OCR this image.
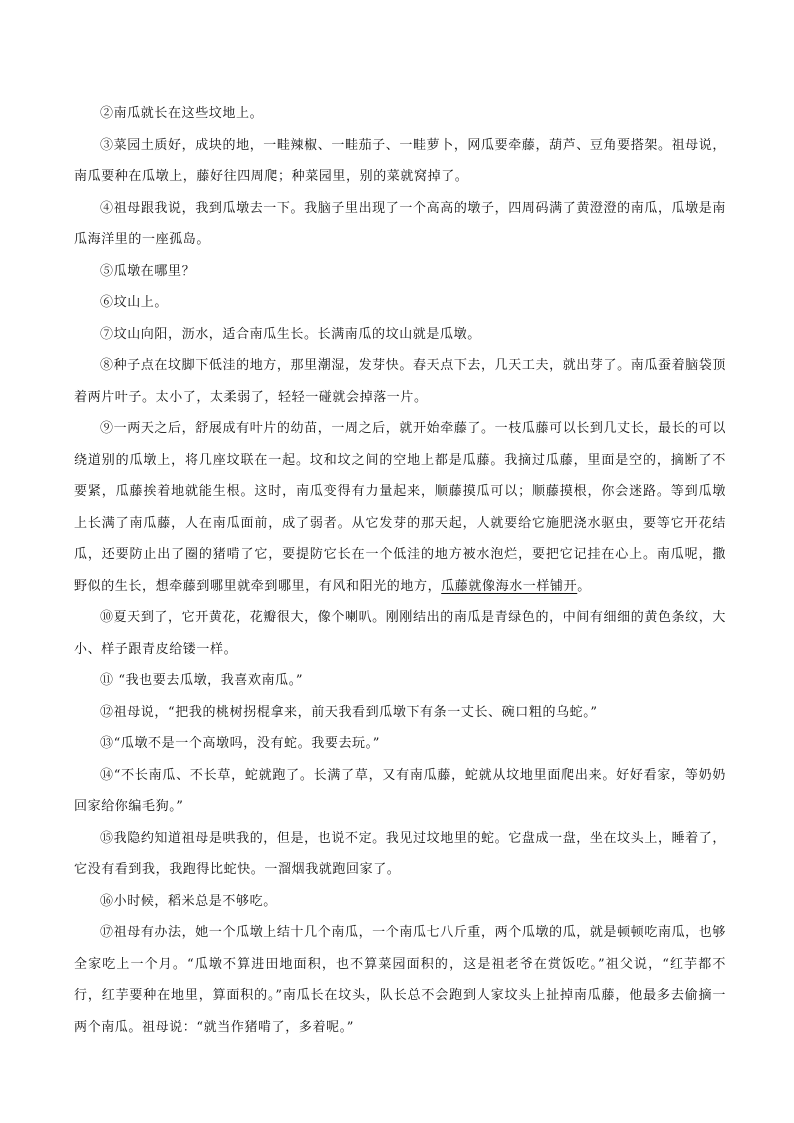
②南瓜就长在这些坟地上。

③菜园土质好，成块的地，一畦辣椒、一畦茄子、一畦萝卜，网瓜要牵藤，葫芦、豆角要搭架。祖母说，南瓜要种在瓜墩上，藤好往四周爬；种菜园里，别的菜就窝掉了。

④祖母跟我说，我到瓜墩去一下。我脑子里出现了一个高高的墩子，四周码满了黄澄澄的南瓜，瓜墩是南瓜海洋里的一座孤岛。

⑤瓜墩在哪里？

⑥坟山上。

⑦坟山向阳，沥水，适合南瓜生长。长满南瓜的坟山就是瓜墩。

⑧种子点在坟脚下低洼的地方，那里潮湿，发芽快。春天点下去，几天工夫，就出芽了。南瓜蚕着脑袋顶着两片叶子。太小了，太柔弱了，轻轻一碰就会掉落一片。

⑨一两天之后，舒展成有叶片的幼苗，一周之后，就开始牵藤了。一枝瓜藤可以长到几丈长，最长的可以绕道别的瓜墩上，将几座坟联在一起。坟和坟之间的空地上都是瓜藤。我摘过瓜藤，里面是空的，摘断了不要紧，瓜藤挨着地就能生根。这时，南瓜变得有力量起来，顺藤摸瓜可以；顺藤摸根，你会迷路。等到瓜墩上长满了南瓜藤，人在南瓜面前，成了弱者。从它发芽的那天起，人就要给它施肥浇水驱虫，要等它开花结瓜，还要防止出了圈的猪啃了它，要提防它长在一个低洼的地方被水泡烂，要把它记挂在心上。南瓜呢，撒野似的生长，想牵藤到哪里就牵到哪里，有风和阳光的地方，瓜藤就像海水一样铺开。

⑩夏天到了，它开黄花，花瓣很大，像个喇叭。刚刚结出的南瓜是青绿色的，中间有细细的黄色条纹，大小、样子跟青皮给镂一样。

⑪ “我也要去瓜墩，我喜欢南瓜。”

⑫祖母说，“把我的桃树拐棍拿来，前天我看到瓜墩下有条一丈长、碗口粗的乌蛇。”

⑬“瓜墩不是一个高墩吗，没有蛇。我要去玩。”

⑭“不长南瓜、不长草，蛇就跑了。长满了草，又有南瓜藤，蛇就从坟地里面爬出来。好好看家，等奶奶回家给你编毛狗。”

⑮我隐约知道祖母是哄我的，但是，也说不定。我见过坟地里的蛇。它盘成一盘，坐在坟头上，睡着了，它没有看到我，我跑得比蛇快。一溜烟我就跑回家了。

⑯小时候，稻米总是不够吃。

⑰祖母有办法，她一个瓜墩上结十几个南瓜，一个南瓜七八斤重，两个瓜墩的瓜，就是顿顿吃南瓜，也够全家吃上一个月。“瓜墩不算进田地面积，也不算菜园面积的，这是祖老爷在赏饭吃。”祖父说，“红芋都不行，红芋要种在地里，算面积的。”南瓜长在坟头，队长总不会跑到人家坟头上扯掉南瓜藤，他最多去偷摘一两个南瓜。祖母说：“就当作猪啃了，多着呢。”
